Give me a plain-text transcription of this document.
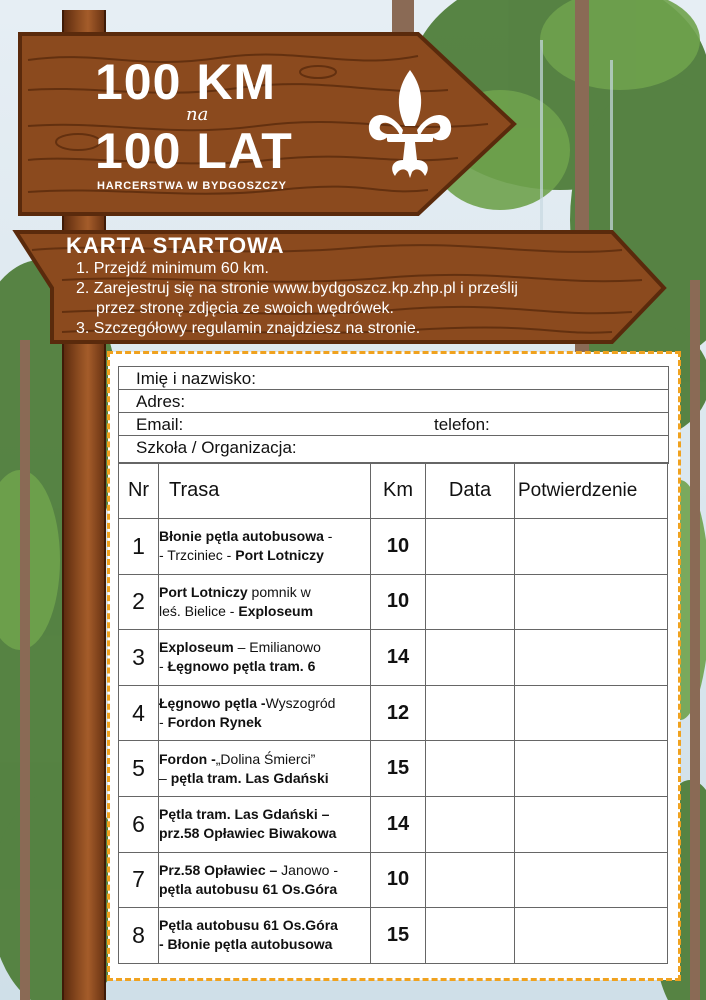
100 KM
na
100 LAT
HARCERSTWA W BYDGOSZCZY
KARTA STARTOWA
1. Przejdź minimum 60 km.
2. Zarejestruj się na stronie www.bydgoszcz.kp.zhp.pl i prześlij
przez stronę zdjęcia ze swoich wędrówek.
3. Szczegółowy regulamin znajdziesz na stronie.
Imię i nazwisko:
Adres:
Email:	telefon:
Szkoła / Organizacja:
Nr	Trasa	Km	Data	Potwierdzenie
1	Błonie pętla autobusowa -
- Trzciniec - Port Lotniczy	10		
2	Port Lotniczy pomnik w
leś. Bielice - Exploseum	10		
3	Exploseum – Emilianowo
- Łęgnowo pętla tram. 6	14		
4	Łęgnowo pętla -Wyszogród
- Fordon Rynek	12		
5	Fordon -„Dolina Śmierci”
– pętla tram. Las Gdański	15		
6	Pętla tram. Las Gdański –
prz.58 Opławiec Biwakowa	14		
7	Prz.58 Opławiec – Janowo -
pętla autobusu 61 Os.Góra	10		
8	Pętla autobusu 61 Os.Góra
- Błonie pętla autobusowa	15		
